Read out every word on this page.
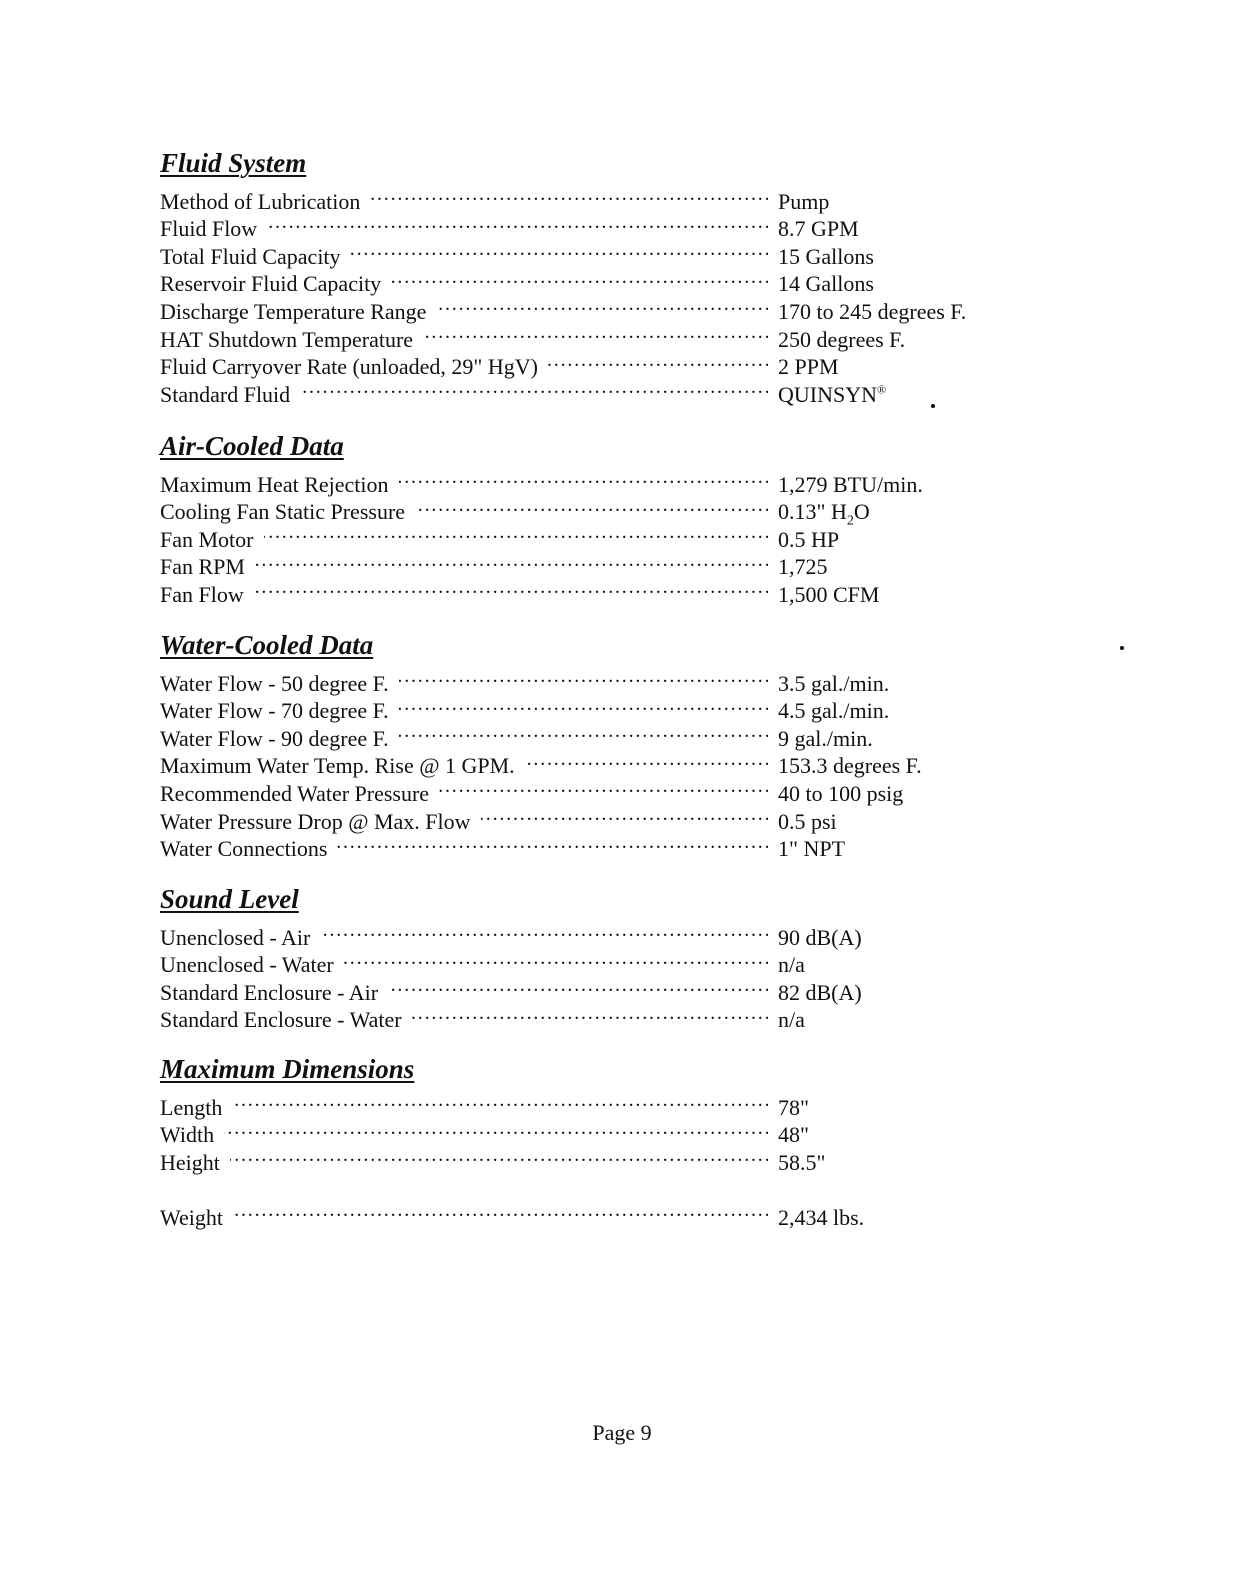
Fluid System
Method of Lubrication . . .	Pump
Fluid Flow . . .	8.7 GPM
Total Fluid Capacity . . .	15 Gallons
Reservoir Fluid Capacity . . .	14 Gallons
Discharge Temperature Range . . .	170 to 245 degrees F.
HAT Shutdown Temperature . . .	250 degrees F.
Fluid Carryover Rate (unloaded, 29" HgV) . . .	2 PPM
Standard Fluid . . .	QUINSYN®
Air-Cooled Data
Maximum Heat Rejection . . .	1,279 BTU/min.
Cooling Fan Static Pressure . . .	0.13" $H_2O$
Fan Motor . . .	0.5 HP
Fan RPM . . .	1,725
Fan Flow . . .	1,500 CFM
Water-Cooled Data
Water Flow - 50 degree F. . . .	3.5 gal./min.
Water Flow - 70 degree F. . . .	4.5 gal./min.
Water Flow - 90 degree F. . . .	9 gal./min.
Maximum Water Temp. Rise @ 1 GPM. . . .	153.3 degrees F.
Recommended Water Pressure . . .	40 to 100 psig
Water Pressure Drop @ Max. Flow . . .	0.5 psi
Water Connections . . .	1" NPT
Sound Level
Unenclosed - Air . . .	90 dB(A)
Unenclosed - Water . . .	n/a
Standard Enclosure - Air . . .	82 dB(A)
Standard Enclosure - Water . . .	n/a
Maximum Dimensions
Length . . .	78"
Width . . .	48"
Height . . .	58.5"
Weight . . .	2,434 lbs.
Page 9
